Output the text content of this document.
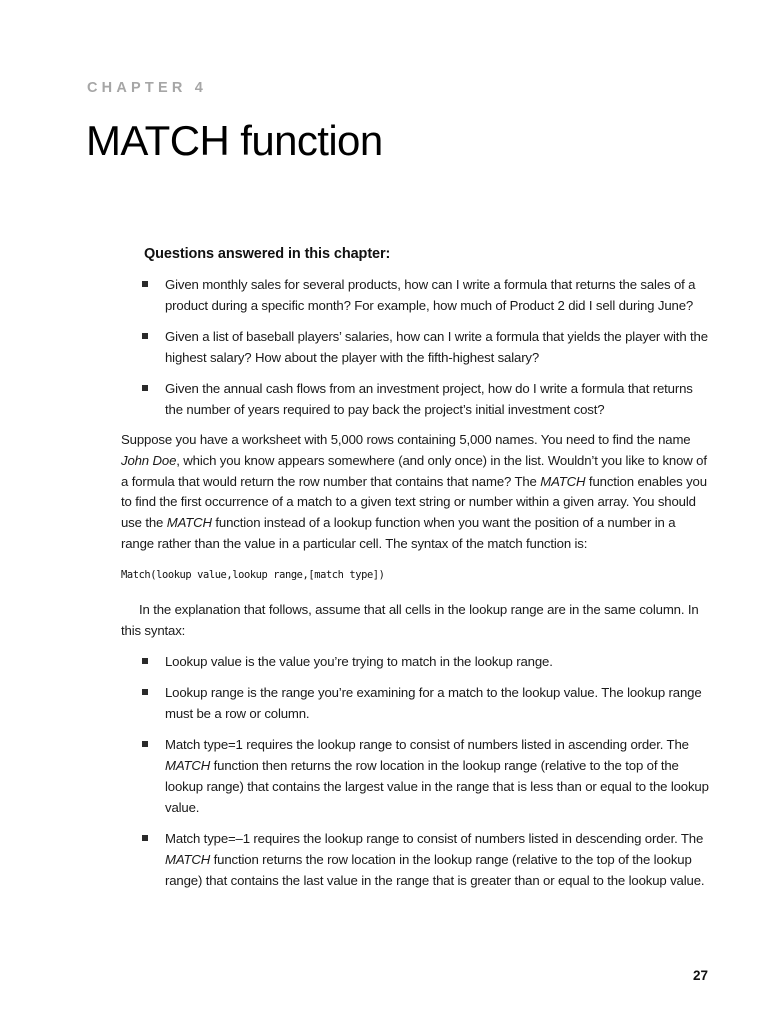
CHAPTER 4
MATCH function
Questions answered in this chapter:
Given monthly sales for several products, how can I write a formula that returns the sales of a product during a specific month? For example, how much of Product 2 did I sell during June?
Given a list of baseball players’ salaries, how can I write a formula that yields the player with the highest salary? How about the player with the fifth-highest salary?
Given the annual cash flows from an investment project, how do I write a formula that returns the number of years required to pay back the project’s initial investment cost?

Suppose you have a worksheet with 5,000 rows containing 5,000 names. You need to find the name John Doe, which you know appears somewhere (and only once) in the list. Wouldn’t you like to know of a formula that would return the row number that contains that name? The MATCH function enables you to find the first occurrence of a match to a given text string or number within a given array. You should use the MATCH function instead of a lookup function when you want the position of a number in a range rather than the value in a particular cell. The syntax of the match function is:

Match(lookup value,lookup range,[match type])

In the explanation that follows, assume that all cells in the lookup range are in the same column. In this syntax:

Lookup value is the value you’re trying to match in the lookup range.
Lookup range is the range you’re examining for a match to the lookup value. The lookup range must be a row or column.
Match type=1 requires the lookup range to consist of numbers listed in ascending order. The MATCH function then returns the row location in the lookup range (relative to the top of the lookup range) that contains the largest value in the range that is less than or equal to the lookup value.
Match type=–1 requires the lookup range to consist of numbers listed in descending order. The MATCH function returns the row location in the lookup range (relative to the top of the lookup range) that contains the last value in the range that is greater than or equal to the lookup value.
27
